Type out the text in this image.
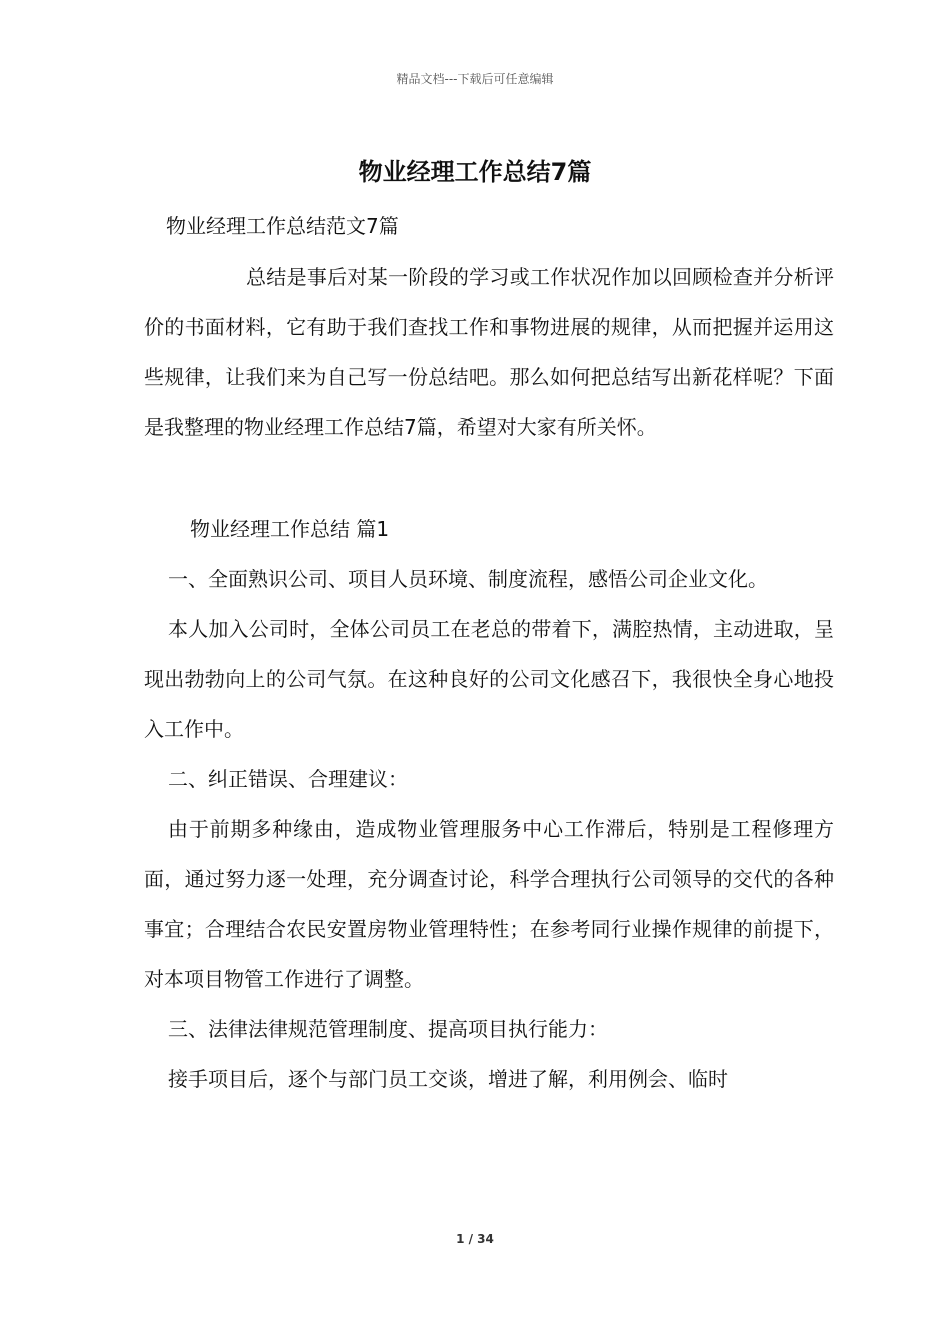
精品文档---下载后可任意编辑
物业经理工作总结7篇
物业经理工作总结范文7篇

总结是事后对某一阶段的学习或工作状况作加以回顾检查并分析评价的书面材料，它有助于我们查找工作和事物进展的规律，从而把握并运用这些规律，让我们来为自己写一份总结吧。那么如何把总结写出新花样呢？下面是我整理的物业经理工作总结7篇，希望对大家有所关怀。

物业经理工作总结 篇1

一、全面熟识公司、项目人员环境、制度流程，感悟公司企业文化。

本人加入公司时，全体公司员工在老总的带着下，满腔热情，主动进取，呈现出勃勃向上的公司气氛。在这种良好的公司文化感召下，我很快全身心地投入工作中。

二、纠正错误、合理建议：

由于前期多种缘由，造成物业管理服务中心工作滞后，特别是工程修理方面，通过努力逐一处理，充分调查讨论，科学合理执行公司领导的交代的各种事宜；合理结合农民安置房物业管理特性；在参考同行业操作规律的前提下，对本项目物管工作进行了调整。

三、法律法律规范管理制度、提高项目执行能力：

接手项目后，逐个与部门员工交谈，增进了解，利用例会、临时

1 / 34
